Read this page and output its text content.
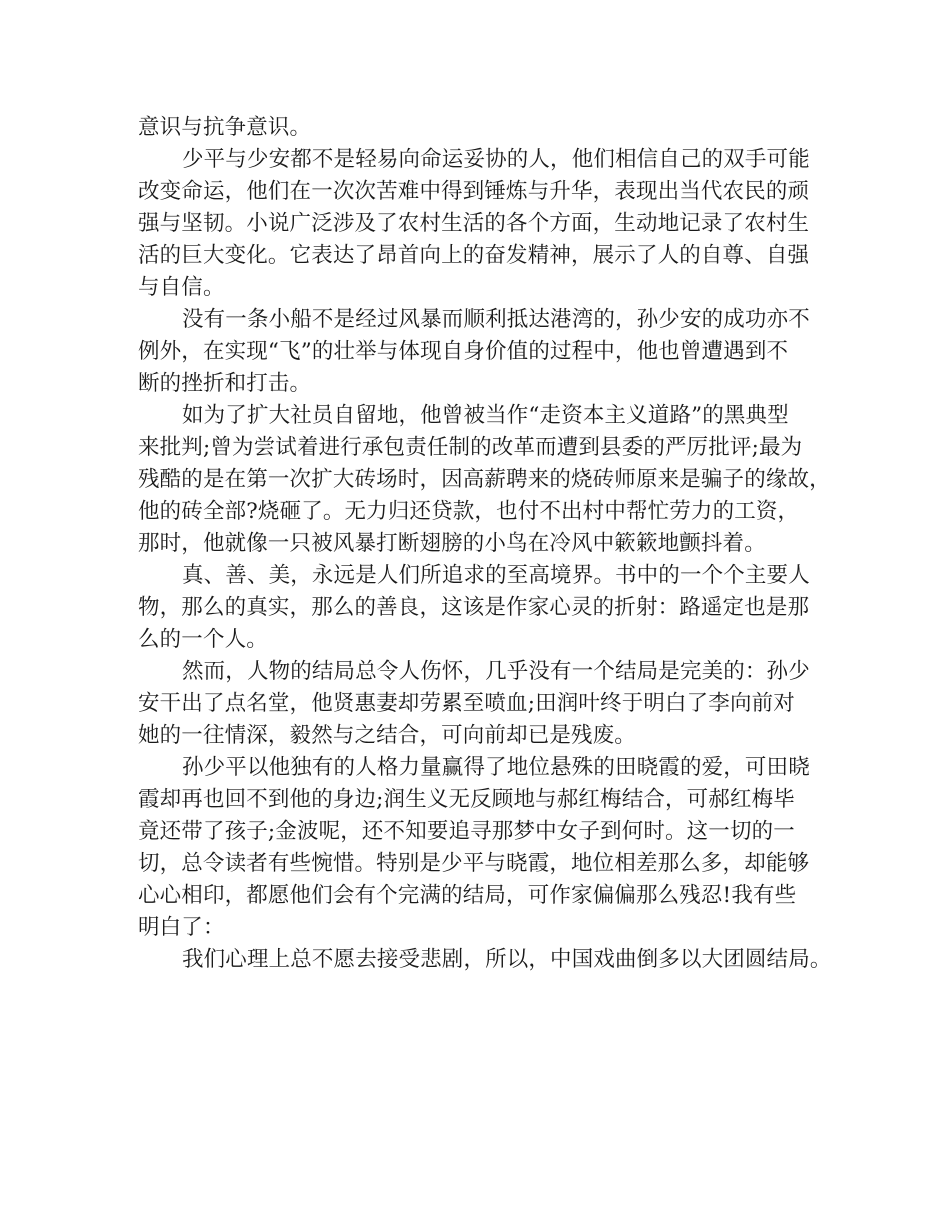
意识与抗争意识。
少平与少安都不是轻易向命运妥协的人，他们相信自己的双手可能
改变命运，他们在一次次苦难中得到锤炼与升华，表现出当代农民的顽
强与坚韧。小说广泛涉及了农村生活的各个方面，生动地记录了农村生
活的巨大变化。它表达了昂首向上的奋发精神，展示了人的自尊、自强
与自信。
没有一条小船不是经过风暴而顺利抵达港湾的，孙少安的成功亦不
例外，在实现“飞”的壮举与体现自身价值的过程中，他也曾遭遇到不
断的挫折和打击。
如为了扩大社员自留地，他曾被当作“走资本主义道路”的黑典型
来批判;曾为尝试着进行承包责任制的改革而遭到县委的严厉批评;最为
残酷的是在第一次扩大砖场时，因高薪聘来的烧砖师原来是骗子的缘故，
他的砖全部?烧砸了。无力归还贷款，也付不出村中帮忙劳力的工资，
那时，他就像一只被风暴打断翅膀的小鸟在冷风中簌簌地颤抖着。
真、善、美，永远是人们所追求的至高境界。书中的一个个主要人
物，那么的真实，那么的善良，这该是作家心灵的折射：路遥定也是那
么的一个人。
然而，人物的结局总令人伤怀，几乎没有一个结局是完美的：孙少
安干出了点名堂，他贤惠妻却劳累至喷血;田润叶终于明白了李向前对
她的一往情深，毅然与之结合，可向前却已是残废。
孙少平以他独有的人格力量赢得了地位悬殊的田晓霞的爱，可田晓
霞却再也回不到他的身边;润生义无反顾地与郝红梅结合，可郝红梅毕
竟还带了孩子;金波呢，还不知要追寻那梦中女子到何时。这一切的一
切，总令读者有些惋惜。特别是少平与晓霞，地位相差那么多，却能够
心心相印，都愿他们会有个完满的结局，可作家偏偏那么残忍!我有些
明白了：
我们心理上总不愿去接受悲剧，所以，中国戏曲倒多以大团圆结局。
